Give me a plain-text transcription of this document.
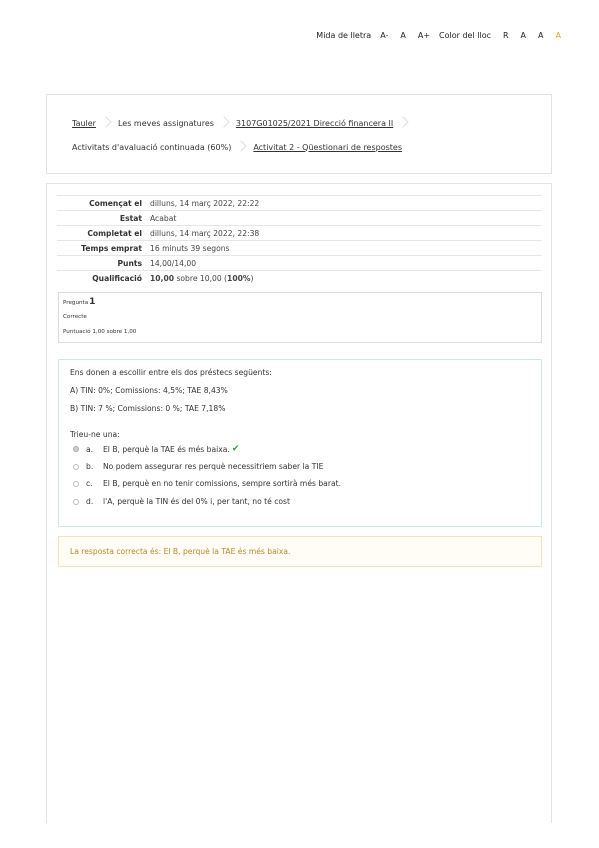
Mida de lletra A- A A+ Color del lloc R A A A
Tauler	Les meves assignatures	3107G01025/2021 Direcció financera II
Activitats d'avaluació continuada (60%)	Activitat 2 - Qüestionari de respostes
Començat el	dilluns, 14 març 2022, 22:22
Estat	Acabat
Completat el	dilluns, 14 març 2022, 22:38
Temps emprat	16 minuts 39 segons
Punts	14,00/14,00
Qualificació	10,00 sobre 10,00 (100%)
Pregunta1
Correcte
Puntuació 1,00 sobre 1,00
Ens donen a escollir entre els dos préstecs següents:
A) TIN: 0%; Comissions: 4,5%; TAE 8,43%
B) TIN: 7 %; Comissions: 0 %; TAE 7,18%
Trieu-ne una:
a.	El B, perquè la TAE és més baixa. ✔
b.	No podem assegurar res perquè necessitriem saber la TIE
c.	El B, perquè en no tenir comissions, sempre sortirà més barat.
d.	l'A, perquè la TIN és del 0% i, per tant, no té cost
La resposta correcta és: El B, perquè la TAE és més baixa.
